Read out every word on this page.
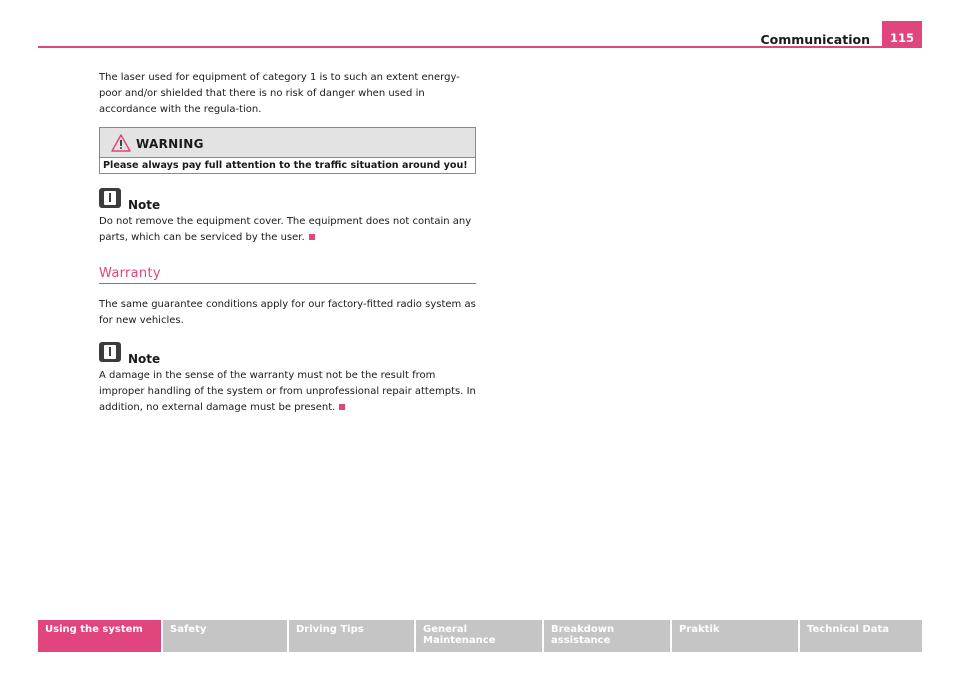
Communication	115

The laser used for equipment of category 1 is to such an extent energy-poor and/or shielded that there is no risk of danger when used in accordance with the regula-tion.

WARNING
Please always pay full attention to the traffic situation around you!
Note
Do not remove the equipment cover. The equipment does not contain any parts, which can be serviced by the user.
Warranty

The same guarantee conditions apply for our factory-fitted radio system as for new vehicles.

Note
A damage in the sense of the warranty must not be the result from improper handling of the system or from unprofessional repair attempts. In addition, no external damage must be present.
Using the system	Safety	Driving Tips	General Maintenance
Breakdown assistance
Praktik	Technical Data
